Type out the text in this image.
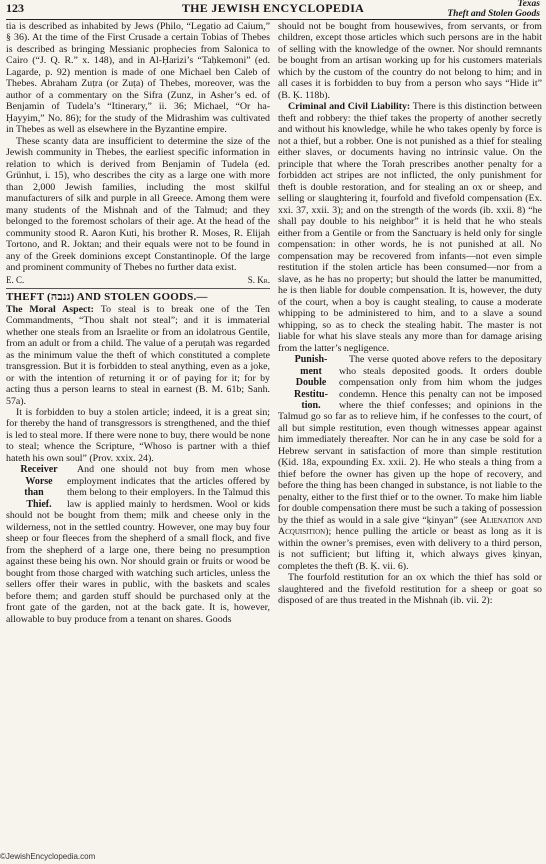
123	THE JEWISH ENCYCLOPEDIA	Texas
Theft and Stolen Goods

tia is described as inhabited by Jews (Philo, “Legatio ad Caium,” § 36). At the time of the First Crusade a certain Tobias of Thebes is described as bringing Messianic prophecies from Salonica to Cairo (“J. Q. R.” x. 148), and in Al-Ḥarizi’s “Taḥkemoni” (ed. Lagarde, p. 92) mention is made of one Michael ben Caleb of Thebes. Abraham Zuṭra (or Zuṭa) of Thebes, moreover, was the author of a commentary on the Sifra (Zunz, in Asher’s ed. of Benjamin of Tudela’s “Itinerary,” ii. 36; Michael, “Or ha-Ḥayyim,” No. 86); for the study of the Midrashim was cultivated in Thebes as well as elsewhere in the Byzantine empire.

These scanty data are insufficient to determine the size of the Jewish community in Thebes, the earliest specific information in relation to which is derived from Benjamin of Tudela (ed. Grünhut, i. 15), who describes the city as a large one with more than 2,000 Jewish families, including the most skilful manufacturers of silk and purple in all Greece. Among them were many students of the Mishnah and of the Talmud; and they belonged to the foremost scholars of their age. At the head of the community stood R. Aaron Kuti, his brother R. Moses, R. Elijah Tortono, and R. Joktan; and their equals were not to be found in any of the Greek dominions except Constantinople. Of the large and prominent community of Thebes no further data exist.

E. C.	S. Kr.

THEFT (גנבה) AND STOLEN GOODS.—
The Moral Aspect: To steal is to break one of the Ten Commandments, “Thou shalt not steal”; and it is immaterial whether one steals from an Israelite or from an idolatrous Gentile, from an adult or from a child. The value of a peruṭah was regarded as the minimum value the theft of which constituted a complete transgression. But it is forbidden to steal anything, even as a joke, or with the intention of returning it or of paying for it; for by acting thus a person learns to steal in earnest (B. M. 61b; Sanh. 57a).

It is forbidden to buy a stolen article; indeed, it is a great sin; for thereby the hand of transgressors is strengthened, and the thief is led to steal more. If there were none to buy, there would be none to steal; whence the Scripture, “Whoso is partner with a thief hateth his own soul” (Prov. xxix. 24).

Receiver
Worse than
Thief.
And one should not buy from men whose employment indicates that the articles offered by them belong to their employers. In the Talmud this law is applied mainly to herdsmen. Wool or kids should not be bought from them; milk and cheese only in the wilderness, not in the settled country. However, one may buy four sheep or four fleeces from the shepherd of a small flock, and five from the shepherd of a large one, there being no presumption against these being his own. Nor should grain or fruits or wood be bought from those charged with watching such articles, unless the sellers offer their wares in public, with the baskets and scales before them; and garden stuff should be purchased only at the front gate of the garden, not at the back gate. It is, however, allowable to buy produce from a tenant on shares. Goods

should not be bought from housewives, from servants, or from children, except those articles which such persons are in the habit of selling with the knowledge of the owner. Nor should remnants be bought from an artisan working up for his customers materials which by the custom of the country do not belong to him; and in all cases it is forbidden to buy from a person who says “Hide it” (B. Ḳ. 118b).

Criminal and Civil Liability: There is this distinction between theft and robbery: the thief takes the property of another secretly and without his knowledge, while he who takes openly by force is not a thief, but a robber. One is not punished as a thief for stealing either slaves, or documents having no intrinsic value. On the principle that where the Torah prescribes another penalty for a forbidden act stripes are not inflicted, the only punishment for theft is double restoration, and for stealing an ox or sheep, and selling or slaughtering it, fourfold and fivefold compensation (Ex. xxi. 37, xxii. 3); and on the strength of the words (ib. xxii. 8) “he shall pay double to his neighbor” it is held that he who steals either from a Gentile or from the Sanctuary is held only for single compensation: in other words, he is not punished at all. No compensation may be recovered from infants—not even simple restitution if the stolen article has been consumed—nor from a slave, as he has no property; but should the latter be manumitted, he is then liable for double compensation. It is, however, the duty of the court, when a boy is caught stealing, to cause a moderate whipping to be administered to him, and to a slave a sound whipping, so as to check the stealing habit. The master is not liable for what his slave steals any more than for damage arising from the latter’s negligence.

Punish-
ment
Double
Restitu-
tion.
The verse quoted above refers to the depositary who steals deposited goods. It orders double compensation only from him whom the judges condemn. Hence this penalty can not be imposed where the thief confesses; and opinions in the Talmud go so far as to relieve him, if he confesses to the court, of all but simple restitution, even though witnesses appear against him immediately thereafter. Nor can he in any case be sold for a Hebrew servant in satisfaction of more than simple restitution (Ḳid. 18a, expounding Ex. xxii. 2). He who steals a thing from a thief before the owner has given up the hope of recovery, and before the thing has been changed in substance, is not liable to the penalty, either to the first thief or to the owner. To make him liable for double compensation there must be such a taking of possession by the thief as would in a sale give “ḳinyan” (see Alienation and Acquisition); hence pulling the article or beast as long as it is within the owner’s premises, even with delivery to a third person, is not sufficient; but lifting it, which always gives ḳinyan, completes the theft (B. Ḳ. vii. 6).

The fourfold restitution for an ox which the thief has sold or slaughtered and the fivefold restitution for a sheep or goat so disposed of are thus treated in the Mishnah (ib. vii. 2):

©JewishEncyclopedia.com
